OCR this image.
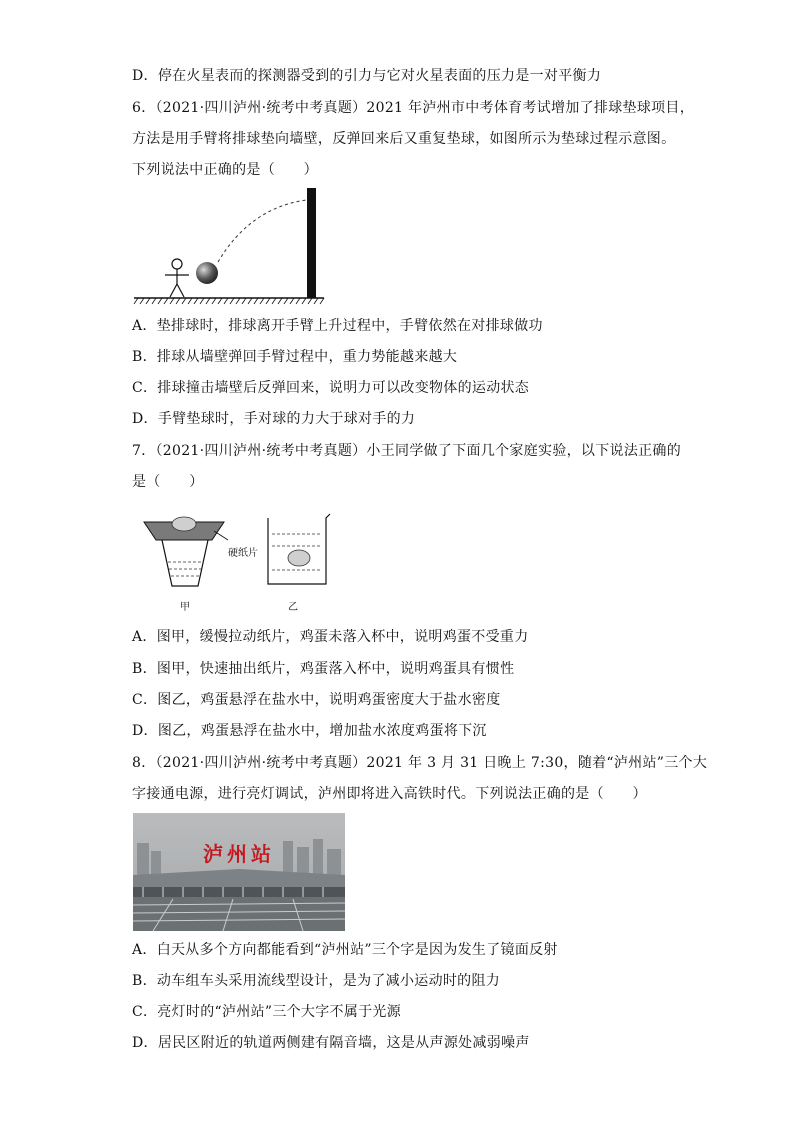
D．停在火星表而的探测器受到的引力与它对火星表面的压力是一对平衡力
6．（2021·四川泸州·统考中考真题）2021 年泸州市中考体育考试增加了排球垫球项目，
方法是用手臂将排球垫向墙壁，反弹回来后又重复垫球，如图所示为垫球过程示意图。
下列说法中正确的是（　　）
A．垫排球时，排球离开手臂上升过程中，手臂依然在对排球做功
B．排球从墙壁弹回手臂过程中，重力势能越来越大
C．排球撞击墙壁后反弹回来，说明力可以改变物体的运动状态
D．手臂垫球时，手对球的力大于球对手的力
7．（2021·四川泸州·统考中考真题）小王同学做了下面几个家庭实验，以下说法正确的
是（　　）
硬纸片
甲	乙
A．图甲，缓慢拉动纸片，鸡蛋未落入杯中，说明鸡蛋不受重力
B．图甲，快速抽出纸片，鸡蛋落入杯中，说明鸡蛋具有惯性
C．图乙，鸡蛋悬浮在盐水中，说明鸡蛋密度大于盐水密度
D．图乙，鸡蛋悬浮在盐水中，增加盐水浓度鸡蛋将下沉
8．（2021·四川泸州·统考中考真题）2021 年 3 月 31 日晚上 7:30，随着“泸州站”三个大
字接通电源，进行亮灯调试，泸州即将进入高铁时代。下列说法正确的是（　　）
泸州站
A．白天从多个方向都能看到“泸州站”三个字是因为发生了镜面反射
B．动车组车头采用流线型设计，是为了减小运动时的阻力
C．亮灯时的“泸州站”三个大字不属于光源
D．居民区附近的轨道两侧建有隔音墙，这是从声源处减弱噪声
